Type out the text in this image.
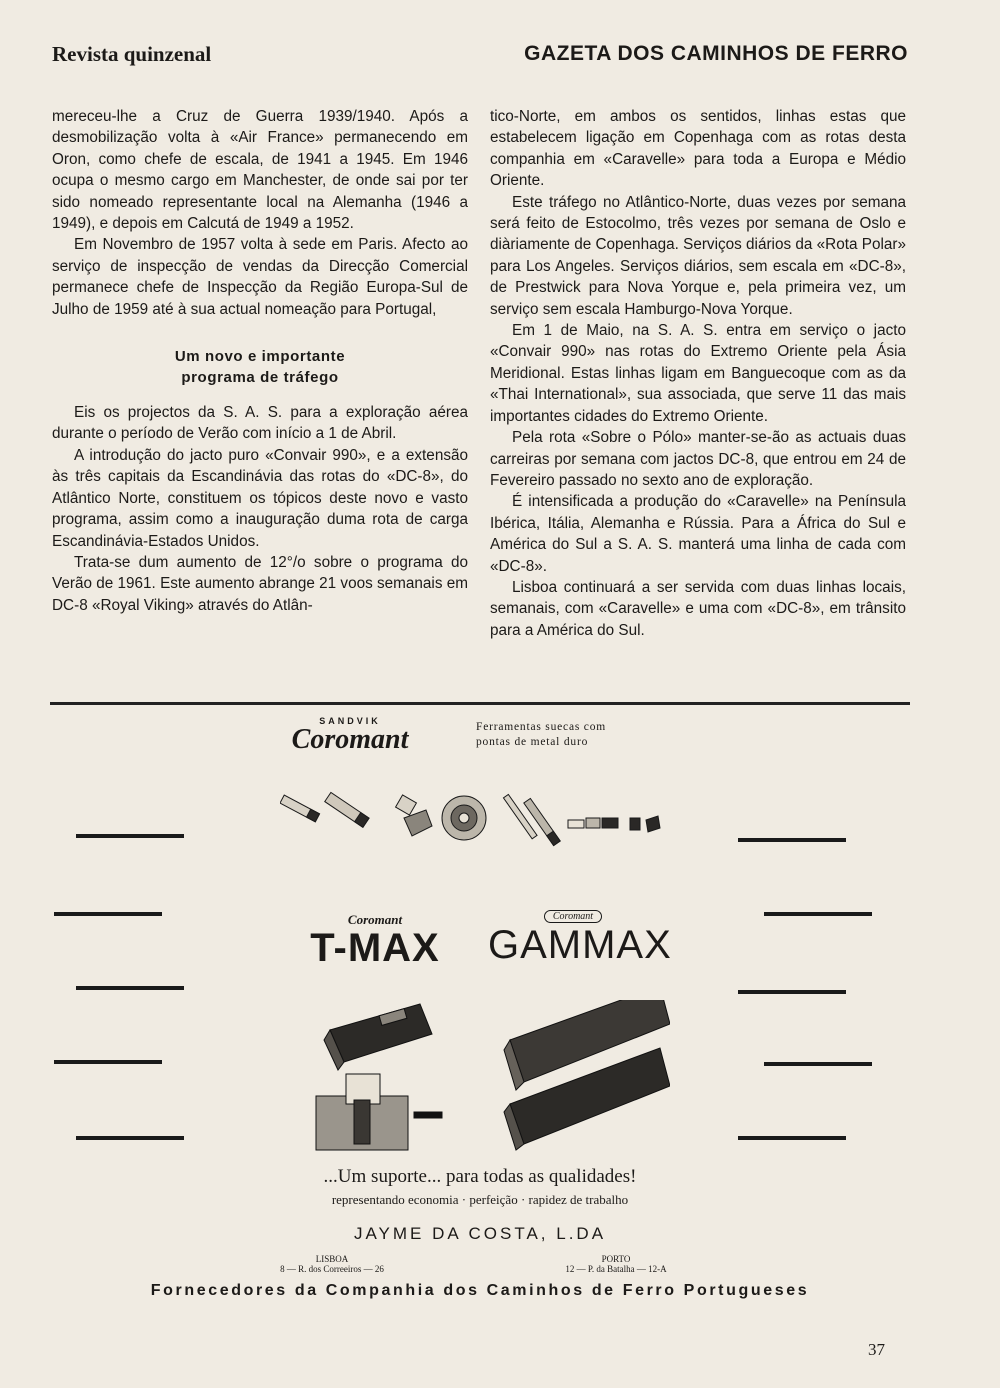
Revista quinzenal	GAZETA DOS CAMINHOS DE FERRO

mereceu-lhe a Cruz de Guerra 1939/1940. Após a desmobilização volta à «Air France» permanecendo em Oron, como chefe de escala, de 1941 a 1945. Em 1946 ocupa o mesmo cargo em Manchester, de onde sai por ter sido nomeado representante local na Alemanha (1946 a 1949), e depois em Calcutá de 1949 a 1952.

Em Novembro de 1957 volta à sede em Paris. Afecto ao serviço de inspecção de vendas da Direcção Comercial permanece chefe de Inspecção da Região Europa-Sul de Julho de 1959 até à sua actual nomeação para Portugal,

Um novo e importante
programa de tráfego

Eis os projectos da S. A. S. para a exploração aérea durante o período de Verão com início a 1 de Abril.

A introdução do jacto puro «Convair 990», e a extensão às três capitais da Escandinávia das rotas do «DC-8», do Atlântico Norte, constituem os tópicos deste novo e vasto programa, assim como a inauguração duma rota de carga Escandinávia-Estados Unidos.

Trata-se dum aumento de 12°/o sobre o programa do Verão de 1961. Este aumento abrange 21 voos semanais em DC-8 «Royal Viking» através do Atlân-

tico-Norte, em ambos os sentidos, linhas estas que estabelecem ligação em Copenhaga com as rotas desta companhia em «Caravelle» para toda a Europa e Médio Oriente.

Este tráfego no Atlântico-Norte, duas vezes por semana será feito de Estocolmo, três vezes por semana de Oslo e diàriamente de Copenhaga. Serviços diários da «Rota Polar» para Los Angeles. Serviços diários, sem escala em «DC-8», de Prestwick para Nova Yorque e, pela primeira vez, um serviço sem escala Hamburgo-Nova Yorque.

Em 1 de Maio, na S. A. S. entra em serviço o jacto «Convair 990» nas rotas do Extremo Oriente pela Ásia Meridional. Estas linhas ligam em Banguecoque com as da «Thai International», sua associada, que serve 11 das mais importantes cidades do Extremo Oriente.

Pela rota «Sobre o Pólo» manter-se-ão as actuais duas carreiras por semana com jactos DC-8, que entrou em 24 de Fevereiro passado no sexto ano de exploração.

É intensificada a produção do «Caravelle» na Península Ibérica, Itália, Alemanha e Rússia. Para a África do Sul e América do Sul a S. A. S. manterá uma linha de cada com «DC-8».

Lisboa continuará a ser servida com duas linhas locais, semanais, com «Caravelle» e uma com «DC-8», em trânsito para a América do Sul.

SANDVIK
Coromant	Ferramentas suecas com
pontas de metal duro
Coromant
T-MAX
Coromant
GAMMAX
...Um suporte... para todas as qualidades!
representando economia · perfeição · rapidez de trabalho
JAYME DA COSTA, L.DA
LISBOA
8 — R. dos Correeiros — 26
PORTO
12 — P. da Batalha — 12-A
Fornecedores da Companhia dos Caminhos de Ferro Portugueses
37
